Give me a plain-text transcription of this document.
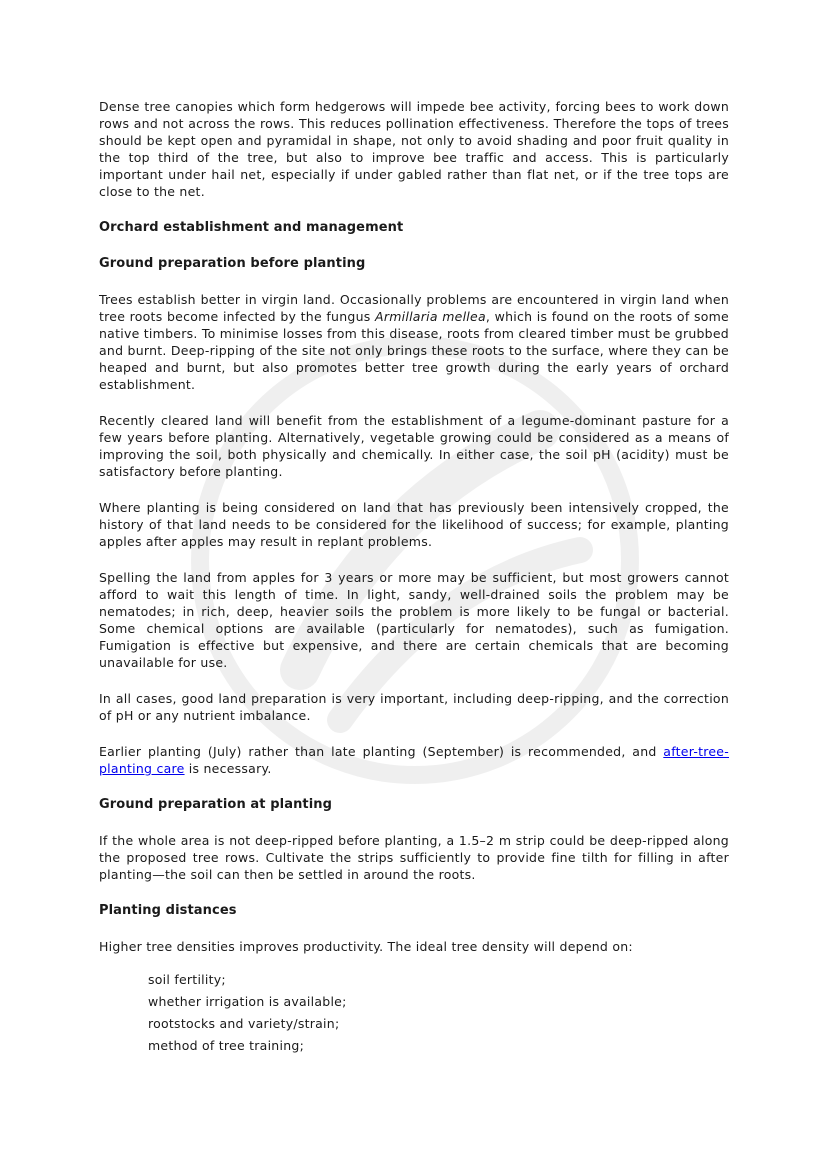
Dense tree canopies which form hedgerows will impede bee activity, forcing bees to work down rows and not across the rows. This reduces pollination effectiveness. Therefore the tops of trees should be kept open and pyramidal in shape, not only to avoid shading and poor fruit quality in the top third of the tree, but also to improve bee traffic and access. This is particularly important under hail net, especially if under gabled rather than flat net, or if the tree tops are close to the net.

Orchard establishment and management
Ground preparation before planting

Trees establish better in virgin land. Occasionally problems are encountered in virgin land when tree roots become infected by the fungus Armillaria mellea, which is found on the roots of some native timbers. To minimise losses from this disease, roots from cleared timber must be grubbed and burnt. Deep-ripping of the site not only brings these roots to the surface, where they can be heaped and burnt, but also promotes better tree growth during the early years of orchard establishment.

Recently cleared land will benefit from the establishment of a legume-dominant pasture for a few years before planting. Alternatively, vegetable growing could be considered as a means of improving the soil, both physically and chemically. In either case, the soil pH (acidity) must be satisfactory before planting.

Where planting is being considered on land that has previously been intensively cropped, the history of that land needs to be considered for the likelihood of success; for example, planting apples after apples may result in replant problems.

Spelling the land from apples for 3 years or more may be sufficient, but most growers cannot afford to wait this length of time. In light, sandy, well-drained soils the problem may be nematodes; in rich, deep, heavier soils the problem is more likely to be fungal or bacterial. Some chemical options are available (particularly for nematodes), such as fumigation. Fumigation is effective but expensive, and there are certain chemicals that are becoming unavailable for use.

In all cases, good land preparation is very important, including deep-ripping, and the correction of pH or any nutrient imbalance.

Earlier planting (July) rather than late planting (September) is recommended, and after-tree-planting care is necessary.

Ground preparation at planting

If the whole area is not deep-ripped before planting, a 1.5–2 m strip could be deep-ripped along the proposed tree rows. Cultivate the strips sufficiently to provide fine tilth for filling in after planting—the soil can then be settled in around the roots.

Planting distances

Higher tree densities improves productivity. The ideal tree density will depend on:

soil fertility;
whether irrigation is available;
rootstocks and variety/strain;
method of tree training;
